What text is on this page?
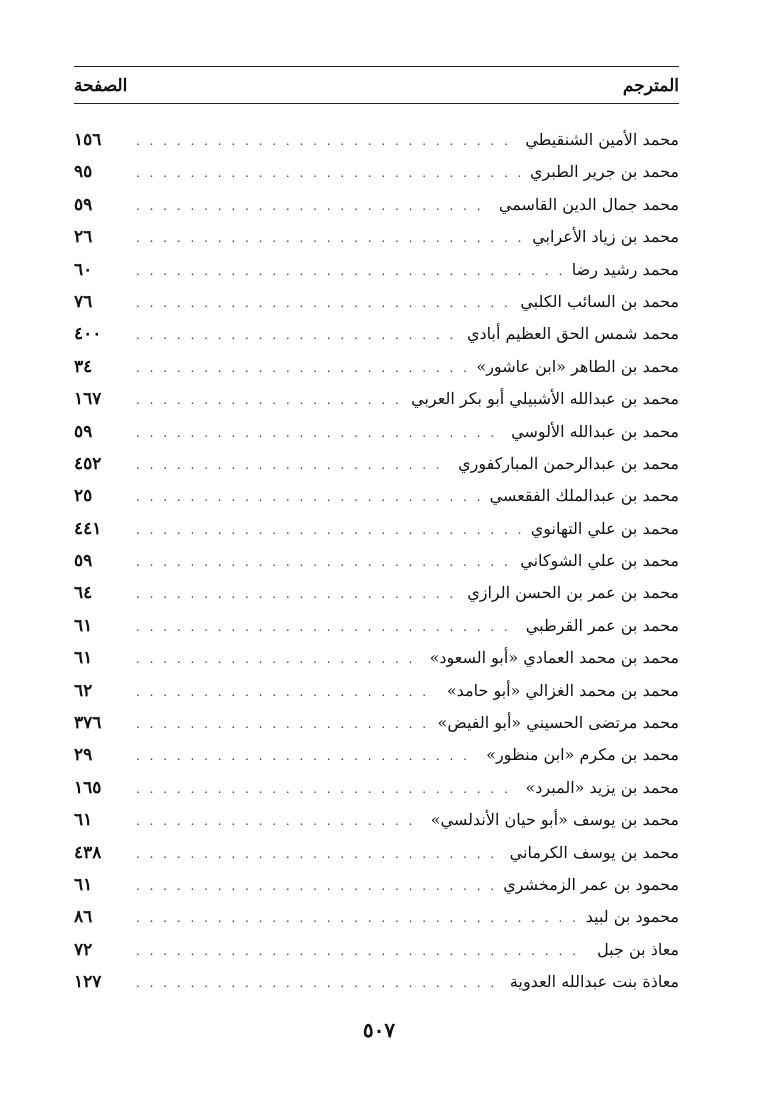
المترجم
الصفحة
محمد الأمين الشنقيطي
. . .
١٥٦
محمد بن جرير الطبري
. . .
٩٥
محمد جمال الدين القاسمي
. . .
٥٩
محمد بن زياد الأعرابي
. . .
٢٦
محمد رشيد رضا
. . .
٦٠
محمد بن السائب الكلبي
. . .
٧٦
محمد شمس الحق العظيم أبادي
. . .
٤٠٠
محمد بن الطاهر «ابن عاشور»
. . .
٣٤
محمد بن عبدالله الأشبيلي أبو بكر العربي
. . .
١٦٧
محمد بن عبدالله الألوسي
. . .
٥٩
محمد بن عبدالرحمن المباركفوري
. . .
٤٥٢
محمد بن عبدالملك الفقعسي
. . .
٢٥
محمد بن علي التهانوي
. . .
٤٤١
محمد بن علي الشوكاني
. . .
٥٩
محمد بن عمر بن الحسن الرازي
. . .
٦٤
محمد بن عمر القرطبي
. . .
٦١
محمد بن محمد العمادي «أبو السعود»
. . .
٦١
محمد بن محمد الغزالي «أبو حامد»
. . .
٦٢
محمد مرتضى الحسيني «أبو الفيض»
. . .
٣٧٦
محمد بن مكرم «ابن منظور»
. . .
٢٩
محمد بن يزيد «المبرد»
. . .
١٦٥
محمد بن يوسف «أبو حيان الأندلسي»
. . .
٦١
محمد بن يوسف الكرماني
. . .
٤٣٨
محمود بن عمر الزمخشري
. . .
٦١
محمود بن لبيد
. . .
٨٦
معاذ بن جبل
. . .
٧٢
معاذة بنت عبدالله العدوية
. . .
١٢٧
٥٠٧
